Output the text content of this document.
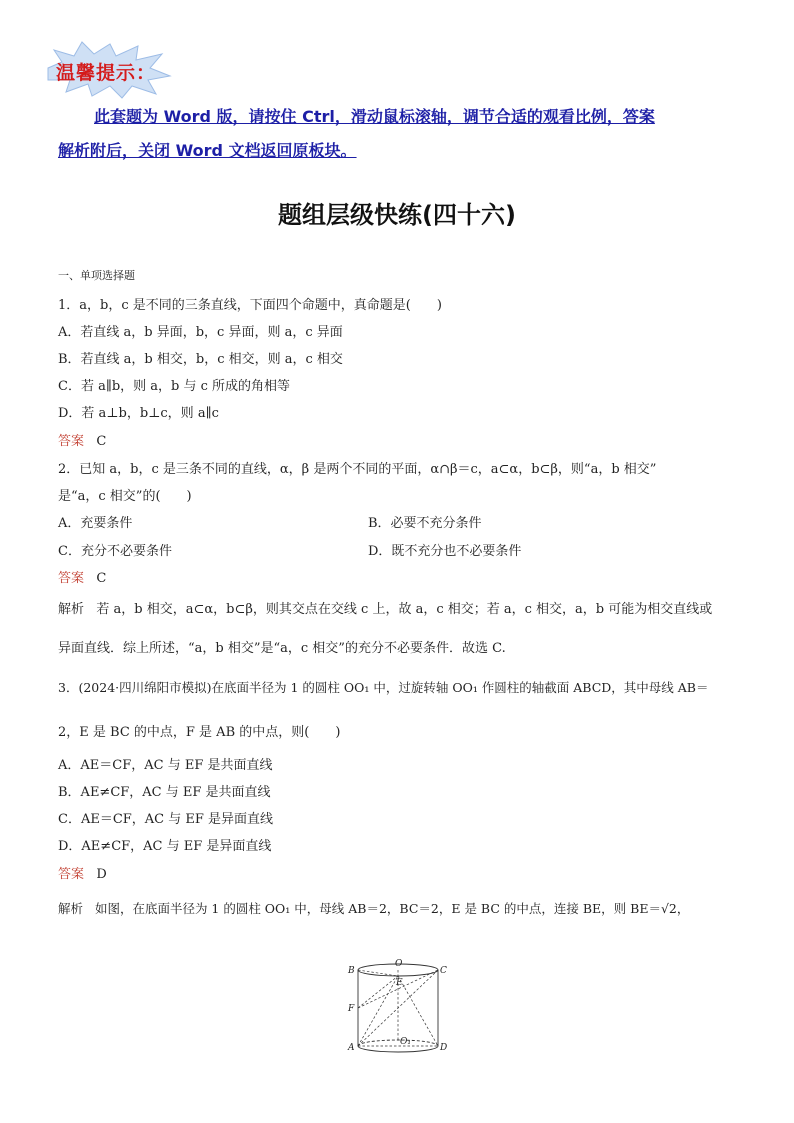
温馨提示：
此套题为 Word 版，请按住 Ctrl，滑动鼠标滚轴，调节合适的观看比例，答案
解析附后，关闭 Word 文档返回原板块。
题组层级快练(四十六)
一、单项选择题
1．a，b，c 是不同的三条直线，下面四个命题中，真命题是(　　)
A．若直线 a，b 异面，b，c 异面，则 a，c 异面
B．若直线 a，b 相交，b，c 相交，则 a，c 相交
C．若 a∥b，则 a，b 与 c 所成的角相等
D．若 a⊥b，b⊥c，则 a∥c
答案 C
2．已知 a，b，c 是三条不同的直线，α，β 是两个不同的平面，α∩β＝c，a⊂α，b⊂β，则“a，b 相交”
是“a，c 相交”的(　　)
A．充要条件	B．必要不充分条件
C．充分不必要条件	D．既不充分也不必要条件
答案 C
解析 若 a，b 相交，a⊂α，b⊂β，则其交点在交线 c 上，故 a，c 相交；若 a，c 相交，a，b 可能为相交直线或
异面直线．综上所述，“a，b 相交”是“a，c 相交”的充分不必要条件．故选 C.
3．(2024·四川绵阳市模拟)在底面半径为 1 的圆柱 OO₁ 中，过旋转轴 OO₁ 作圆柱的轴截面 ABCD，其中母线 AB＝
2，E 是 BC 的中点，F 是 AB 的中点，则(　　)
A．AE＝CF，AC 与 EF 是共面直线
B．AE≠CF，AC 与 EF 是共面直线
C．AE＝CF，AC 与 EF 是异面直线
D．AE≠CF，AC 与 EF 是异面直线
答案 D
解析 如图，在底面半径为 1 的圆柱 OO₁ 中，母线 AB＝2，BC＝2，E 是 BC 的中点，连接 BE，则 BE＝√2，
B
O
E
C
F
A
O₁
D
